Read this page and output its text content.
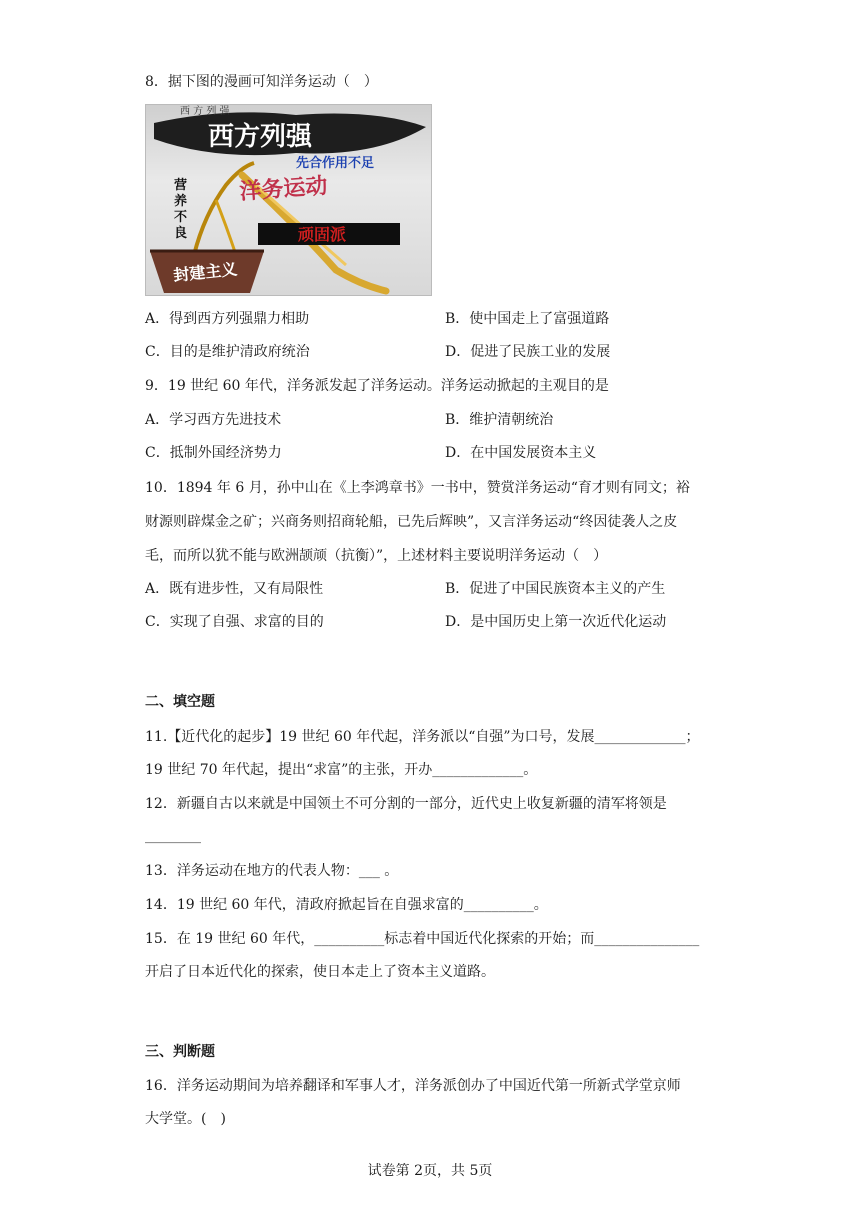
8．据下图的漫画可知洋务运动（　）
西 方 列 强
西方列强
先合作用不足
洋务运动
营
养
不
良	顽固派
封建主义
A．得到西方列强鼎力相助	B．使中国走上了富强道路
C．目的是维护清政府统治	D．促进了民族工业的发展
9．19 世纪 60 年代，洋务派发起了洋务运动。洋务运动掀起的主观目的是
A．学习西方先进技术	B．维护清朝统治
C．抵制外国经济势力	D．在中国发展资本主义
10．1894 年 6 月，孙中山在《上李鸿章书》一书中，赞赏洋务运动“育才则有同文；裕
财源则辟煤金之矿；兴商务则招商轮船，已先后辉映”，又言洋务运动“终因徒袭人之皮
毛，而所以犹不能与欧洲颉颃（抗衡）”，上述材料主要说明洋务运动（　）
A．既有进步性，又有局限性	B．促进了中国民族资本主义的产生
C．实现了自强、求富的目的	D．是中国历史上第一次近代化运动
二、填空题
11.【近代化的起步】19 世纪 60 年代起，洋务派以“自强”为口号，发展_____________；
19 世纪 70 年代起，提出“求富”的主张，开办_____________。
12．新疆自古以来就是中国领土不可分割的一部分，近代史上收复新疆的清军将领是
________
13．洋务运动在地方的代表人物：___ 。
14．19 世纪 60 年代，清政府掀起旨在自强求富的__________。
15．在 19 世纪 60 年代，__________标志着中国近代化探索的开始；而_______________
开启了日本近代化的探索，使日本走上了资本主义道路。
三、判断题
16．洋务运动期间为培养翻译和军事人才，洋务派创办了中国近代第一所新式学堂京师
大学堂。(　)
试卷第 2页，共 5页
